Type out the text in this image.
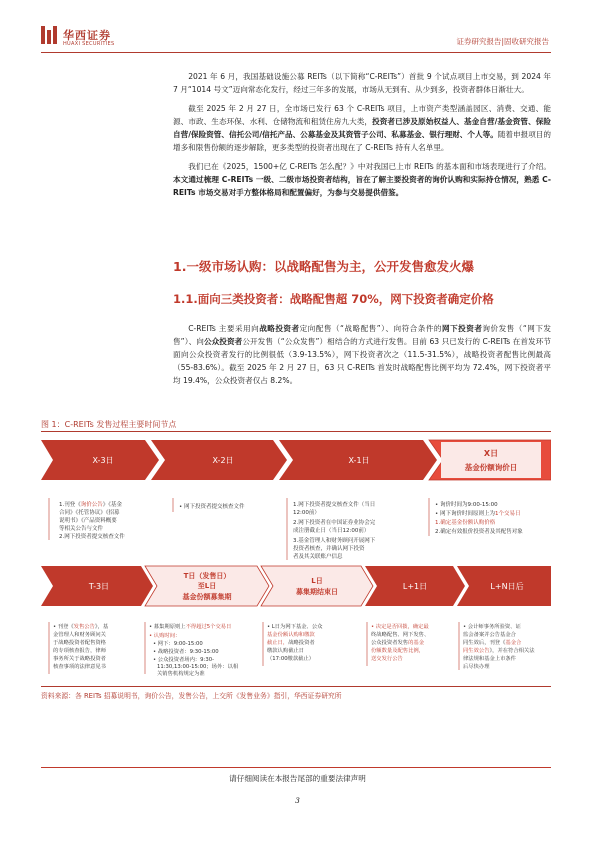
华西证券
HUAXI SECURITIES	证券研究报告|固收研究报告

2021 年 6 月，我国基础设施公募 REITs（以下简称“C-REITs”）首批 9 个试点项目上市交易，到 2024 年 7 月“1014 号文”迈向常态化发行，经过三年多的发展，市场从无到有、从少到多，投资者群体日渐壮大。

截至 2025 年 2 月 27 日，全市场已发行 63 个 C-REITs 项目，上市资产类型涵盖园区、消费、交通、能源、市政、生态环保、水利、仓储物流和租赁住房九大类，投资者已涉及原始权益人、基金自营/基金资管、保险自营/保险资管、信托公司/信托产品、公募基金及其资管子公司、私募基金、银行理财、个人等。随着申报项目的增多和限售份额的逐步解除，更多类型的投资者出现在了 C-REITs 持有人名单里。

我们已在《2025，1500+亿 C-REITs 怎么配？》中对我国已上市 REITs 的基本面和市场表现进行了介绍。本文通过梳理 C-REITs 一级、二级市场投资者结构，旨在了解主要投资者的询价认购和实际持仓情况，熟悉 C-REITs 市场交易对手方整体格局和配置偏好，为参与交易提供借鉴。

1.一级市场认购：以战略配售为主，公开发售愈发火爆
1.1.面向三类投资者：战略配售超 70%，网下投资者确定价格

C-REITs 主要采用向战略投资者定向配售（“战略配售”）、向符合条件的网下投资者询价发售（“网下发售”）、向公众投资者公开发售（“公众发售”）相结合的方式进行发售。目前 63 只已发行的 C-REITs 在首发环节面向公众投资者发行的比例很低（3.9-13.5%），网下投资者次之（11.5-31.5%），战略投资者配售比例最高（55-83.6%）。截至 2025 年 2 月 27 日，63 只 C-REITs 首发时战略配售比例平均为 72.4%，网下投资者平均 19.4%，公众投资者仅占 8.2%。

图 1：C-REITs 发售过程主要时间节点
X-3日	X-2日	X-1日
X日
基金份额询价日
1.刊登《询价公告》《基金 合同》《托管协议》《招募 说明书》《产品资料概要 等相关公告与文件 2.网下投资者提交核查文件
• 网下投资者提交核查文件	1.网下投资者提交核查文件（当日 12:00前） 2.网下投资者在中国证券业协会完 成注册截止日（当日12:00前） 3.基金管理人和财务顾问开展网下 投资者核查，并确认网下投资 者及其关联账户信息
• 询价时间为9:00-15:00 • 网下询价时间原则上为1个交易日 1.确定基金份额认购价格 2.确定有效报价投资者及其配售对象
T-3日
T日（发售日）
至L日
基金份额募集期
L日
募集期结束日
L+1日	L+N日后
• 刊登《发售公告》，基 金管理人和财务顾问关 于战略投资者配售资格 的专项核查报告，律师 事务所关于战略投资者 核查事项的法律意见书
• 募集期原则上不得超过5个交易日 • 认购时间： • 网下：9:00-15:00 • 战略投资者：9:30-15:00 • 公众投资者场内：9:30- 11:30,13:00-15:00；场外：以相 关销售机构规定为准
• L日为网下基金、公众 基金份额认购和缴款 截止日，战略投资者 缴款认购截止日 （17:00缴款截止）
• 决定是否回拨，确定最 终战略配售、网下发售、 公众投资者发售的基金 份额数量及配售比例， 送交发行公告
• 会计师事务所验资、证 监会备案并公告基金合 同生效后，刊登《基金合 同生效公告》，并在符合相关法 律法规和基金上市条件 后尽快办理
资料来源：各 REITs 招募说明书，询价公告，发售公告，上交所《发售业务》指引，华西证券研究所
请仔细阅读在本报告尾部的重要法律声明
3
